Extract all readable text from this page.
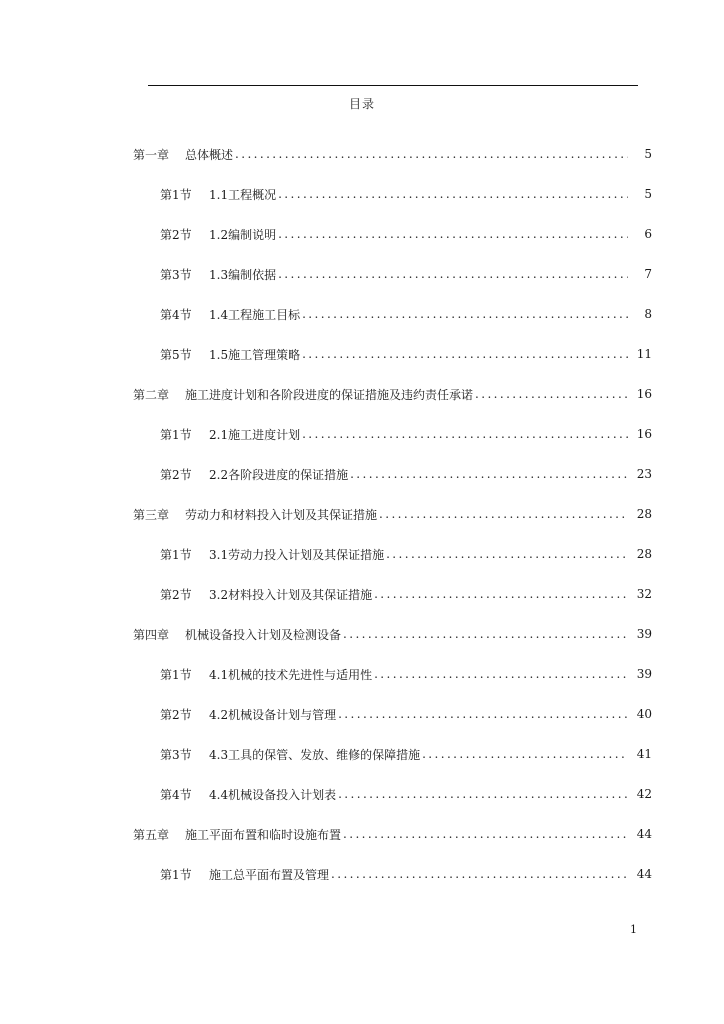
目录
第一章	总体概述 .....	5
第1节	1.1工程概况 .....	5
第2节	1.2编制说明 .....	6
第3节	1.3编制依据 .....	7
第4节	1.4工程施工目标 .....	8
第5节	1.5施工管理策略 .....	11
第二章	施工进度计划和各阶段进度的保证措施及违约责任承诺 .....	16
第1节	2.1施工进度计划 .....	16
第2节	2.2各阶段进度的保证措施 .....	23
第三章	劳动力和材料投入计划及其保证措施 .....	28
第1节	3.1劳动力投入计划及其保证措施 .....	28
第2节	3.2材料投入计划及其保证措施 .....	32
第四章	机械设备投入计划及检测设备 .....	39
第1节	4.1机械的技术先进性与适用性 .....	39
第2节	4.2机械设备计划与管理 .....	40
第3节	4.3工具的保管、发放、维修的保障措施 .....	41
第4节	4.4机械设备投入计划表 .....	42
第五章	施工平面布置和临时设施布置 .....	44
第1节	施工总平面布置及管理 .....	44
1
